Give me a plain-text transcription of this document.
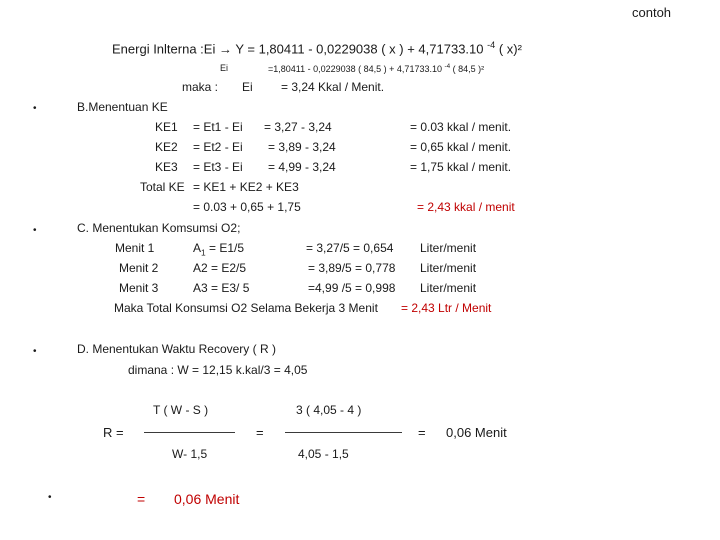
contoh
Energi Inlterna :Ei → Y = 1,80411 - 0,0229038 ( x ) + 4,71733.10 $^{-4}$ ( x)²
Ei	=1,80411 - 0,0229038 ( 84,5 ) + 4,71733.10 $^{-4}$ ( 84,5 )²
maka : Ei = 3,24 Kkal / Menit.
•
•
•
•
B.Menentuan KE
KE1 = Et1 - Ei = 3,27 - 3,24	= 0.03 kkal / menit.
KE2 = Et2 - Ei = 3,89 - 3,24	= 0,65 kkal / menit.
KE3 = Et3 - Ei = 4,99 - 3,24	= 1,75 kkal / menit.
Total KE = KE1 + KE2 + KE3
= 0.03 + 0,65 + 1,75	= 2,43 kkal / menit
C. Menentukan Komsumsi O2;
Menit 1	$A_1 = E1/5$	= 3,27/5 = 0,654 Liter/menit
Menit 2	A2 = E2/5	= 3,89/5 = 0,778 Liter/menit
Menit 3	A3 = E3/ 5	=4,99 /5 = 0,998 Liter/menit
Maka Total Konsumsi O2 Selama Bekerja 3 Menit = 2,43 Ltr / Menit
D. Menentukan Waktu Recovery ( R )
dimana : W = 12,15 k.kal/3 = 4,05
T ( W - S )	3 ( 4,05 - 4 )
R = ——————— = ————————— = 0,06 Menit
W- 1,5	4,05 - 1,5
= 0,06 Menit
